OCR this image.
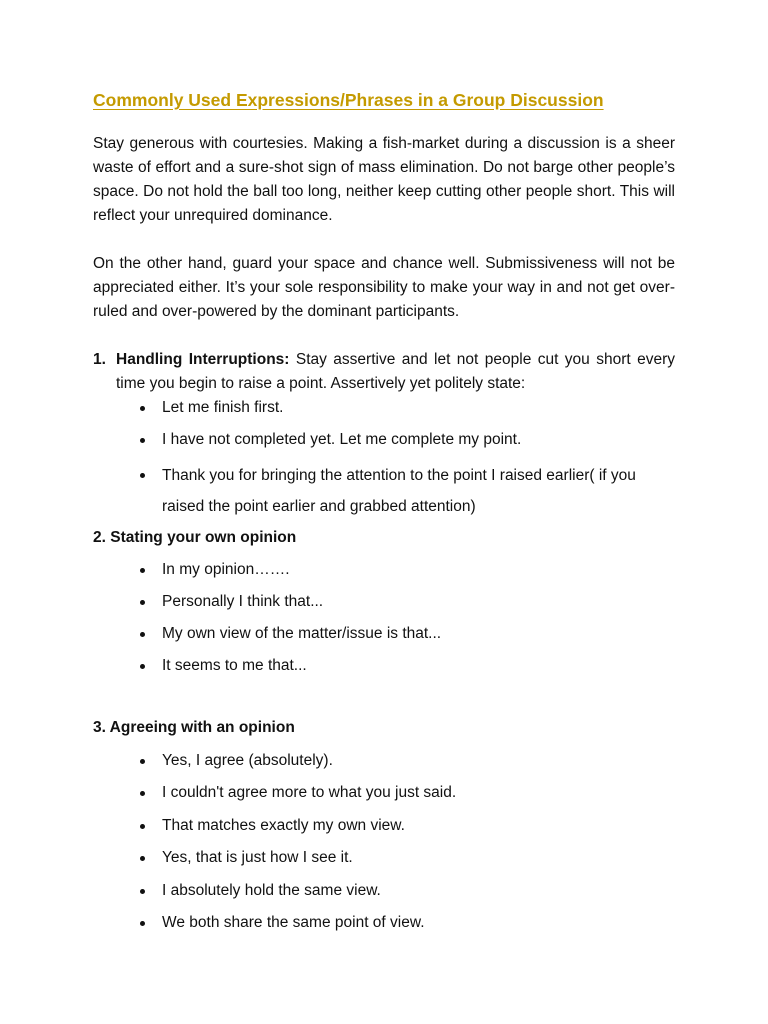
Commonly Used Expressions/Phrases in a Group Discussion

Stay generous with courtesies. Making a fish-market during a discussion is a sheer waste of effort and a sure-shot sign of mass elimination. Do not barge other people’s space. Do not hold the ball too long, neither keep cutting other people short. This will reflect your unrequired dominance.

On the other hand, guard your space and chance well. Submissiveness will not be appreciated either. It’s your sole responsibility to make your way in and not get over-ruled and over-powered by the dominant participants.

1. Handling Interruptions: Stay assertive and let not people cut you short every time you begin to raise a point. Assertively yet politely state:
Let me finish first.
I have not completed yet. Let me complete my point.
Thank you for bringing the attention to the point I raised earlier( if you raised the point earlier and grabbed attention)
2. Stating your own opinion
In my opinion…….
Personally I think that...
My own view of the matter/issue is that...
It seems to me that...
3. Agreeing with an opinion
Yes, I agree (absolutely).
I couldn't agree more to what you just said.
That matches exactly my own view.
Yes, that is just how I see it.
I absolutely hold the same view.
We both share the same point of view.
